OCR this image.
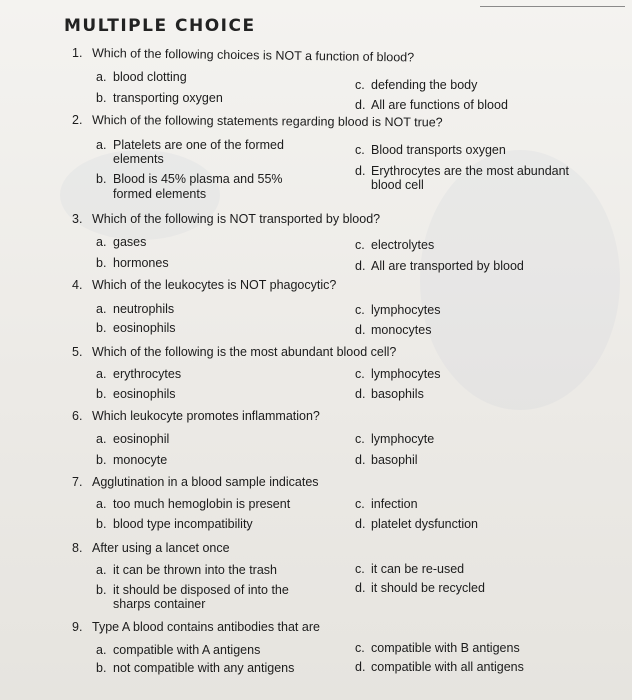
MULTIPLE CHOICE
1. Which of the following choices is NOT a function of blood?
a. blood clotting
b. transporting oxygen
c. defending the body
d. All are functions of blood
2. Which of the following statements regarding blood is NOT true?
a. Platelets are one of the formed
elements
b. Blood is 45% plasma and 55%
formed elements
c. Blood transports oxygen
d. Erythrocytes are the most abundant
blood cell
3. Which of the following is NOT transported by blood?
a. gases
b. hormones
c. electrolytes
d. All are transported by blood
4. Which of the leukocytes is NOT phagocytic?
a. neutrophils
b. eosinophils
c. lymphocytes
d. monocytes
5. Which of the following is the most abundant blood cell?
a. erythrocytes
b. eosinophils
c. lymphocytes
d. basophils
6. Which leukocyte promotes inflammation?
a. eosinophil
b. monocyte
c. lymphocyte
d. basophil
7. Agglutination in a blood sample indicates
a. too much hemoglobin is present
b. blood type incompatibility
c. infection
d. platelet dysfunction
8. After using a lancet once
a. it can be thrown into the trash
b. it should be disposed of into the
sharps container
c. it can be re-used
d. it should be recycled
9. Type A blood contains antibodies that are
a. compatible with A antigens
b. not compatible with any antigens
c. compatible with B antigens
d. compatible with all antigens
